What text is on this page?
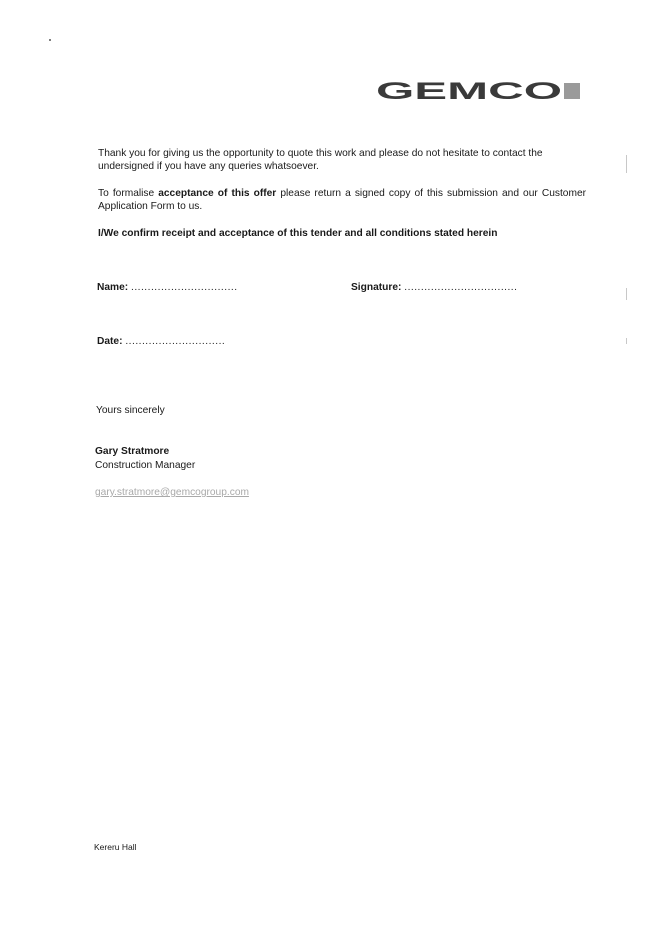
GEMCO

Thank you for giving us the opportunity to quote this work and please do not hesitate to contact the undersigned if you have any queries whatsoever.

To formalise acceptance of this offer please return a signed copy of this submission and our Customer Application Form to us.

I/We confirm receipt and acceptance of this tender and all conditions stated herein
Name: ................................	Signature: ..................................
Date: ..............................
Yours sincerely
Gary Stratmore
Construction Manager
gary.stratmore@gemcogroup.com
Kereru Hall
